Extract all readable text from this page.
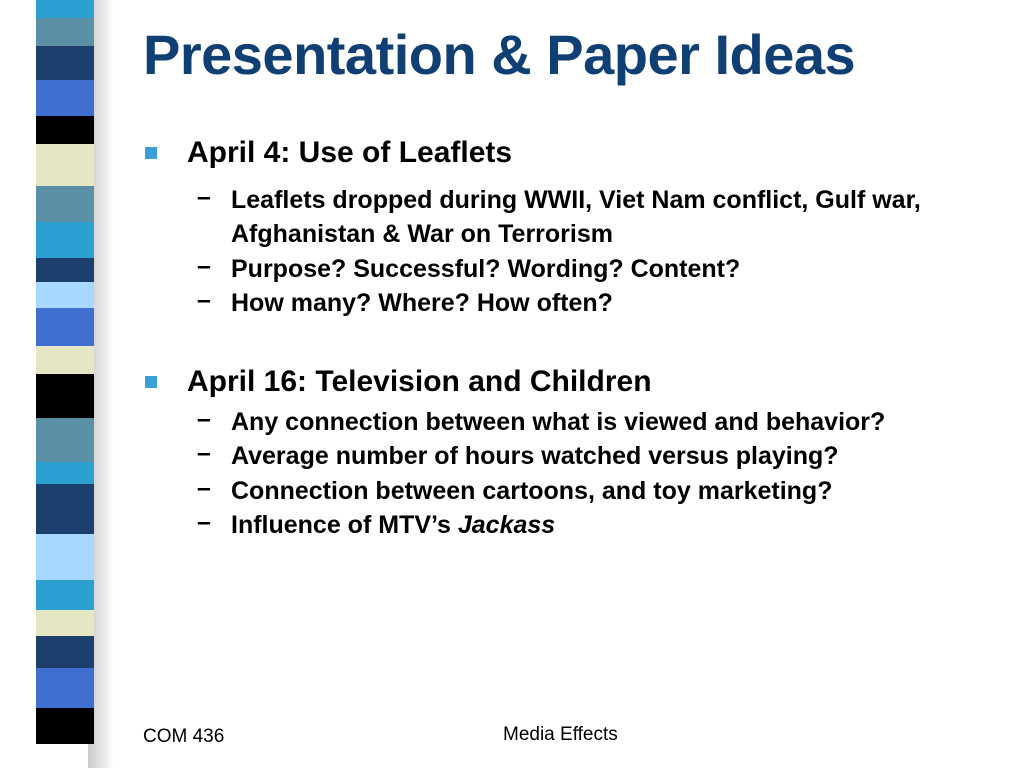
Presentation & Paper Ideas
April 4: Use of Leaflets
– Leaflets dropped during WWII, Viet Nam conflict, Gulf war, Afghanistan & War on Terrorism
– Purpose? Successful? Wording? Content?
– How many? Where? How often?
April 16: Television and Children
– Any connection between what is viewed and behavior?
– Average number of hours watched versus playing?
– Connection between cartoons, and toy marketing?
– Influence of MTV’s Jackass
COM 436	Media Effects
